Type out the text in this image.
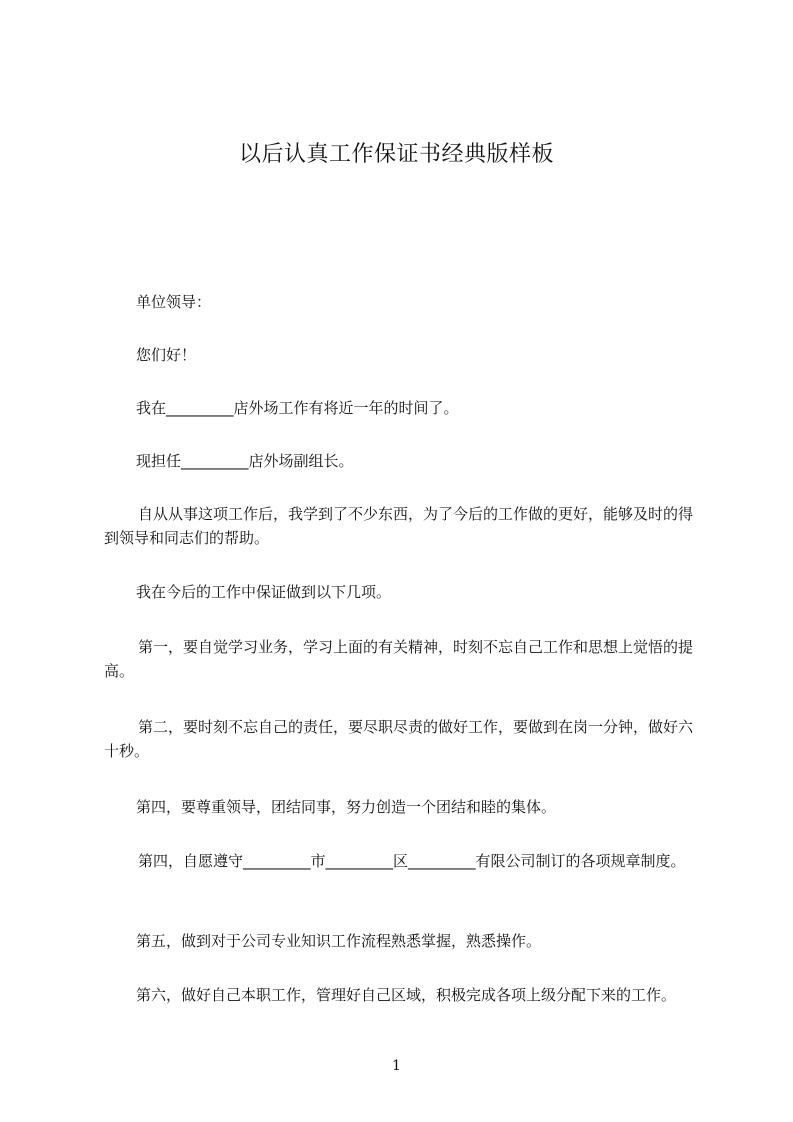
以后认真工作保证书经典版样板

单位领导：

您们好！

我在_________店外场工作有将近一年的时间了。

现担任_________店外场副组长。

自从从事这项工作后，我学到了不少东西，为了今后的工作做的更好，能够及时的得到领导和同志们的帮助。

我在今后的工作中保证做到以下几项。

第一，要自觉学习业务，学习上面的有关精神，时刻不忘自己工作和思想上觉悟的提高。

第二，要时刻不忘自己的责任，要尽职尽责的做好工作，要做到在岗一分钟，做好六十秒。

第四，要尊重领导，团结同事，努力创造一个团结和睦的集体。

第四，自愿遵守_________市_________区_________有限公司制订的各项规章制度。

第五，做到对于公司专业知识工作流程熟悉掌握，熟悉操作。

第六，做好自己本职工作，管理好自己区域，积极完成各项上级分配下来的工作。

1
